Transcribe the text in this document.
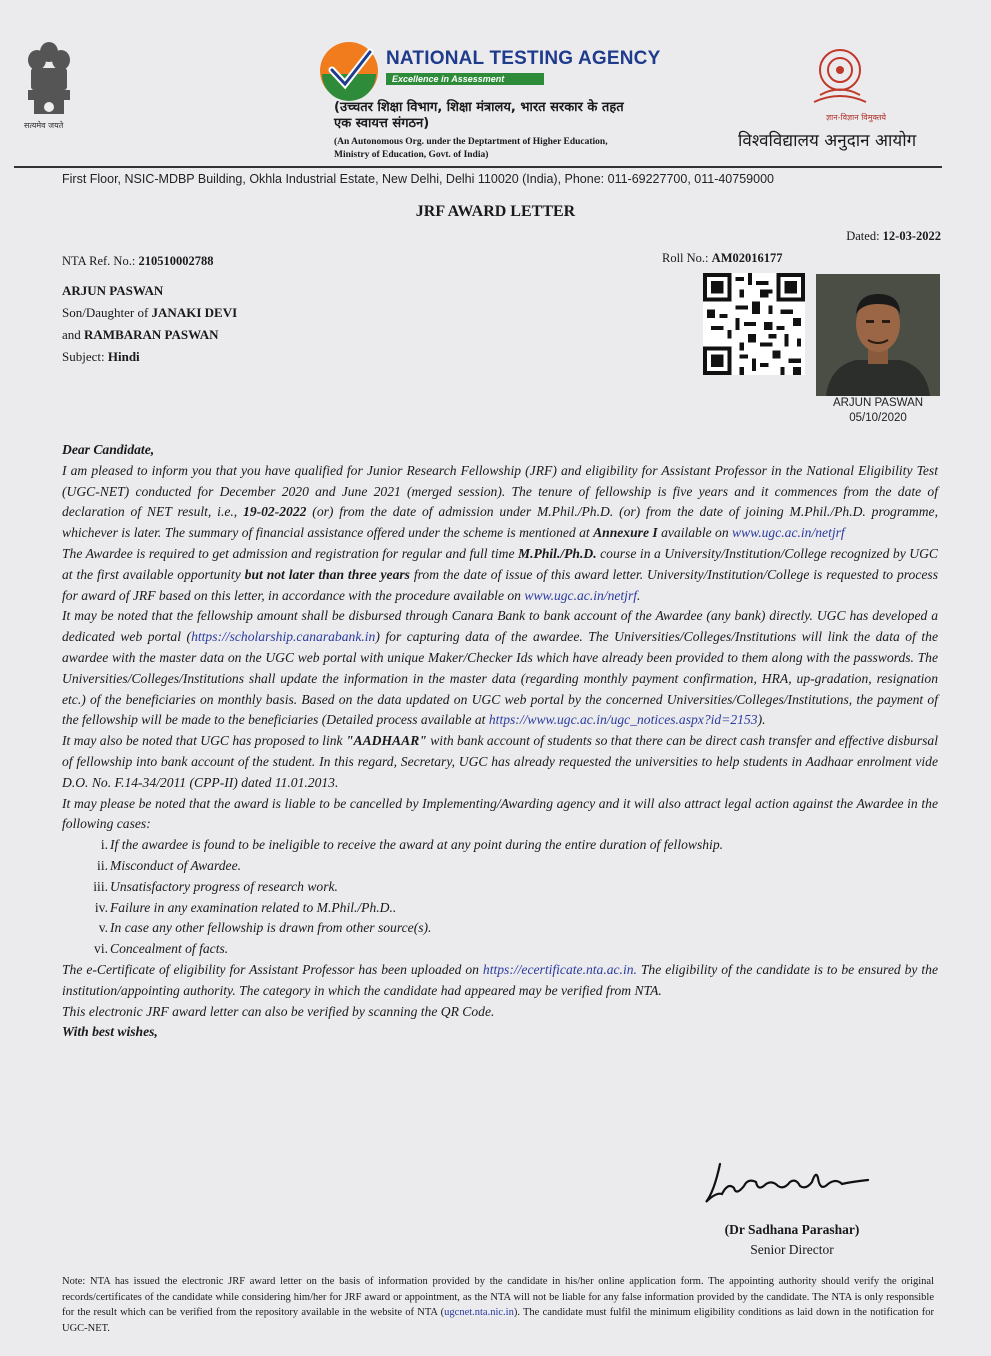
सत्यमेव जयते
NATIONAL TESTING AGENCY
Excellence in Assessment
(उच्चतर शिक्षा विभाग, शिक्षा मंत्रालय, भारत सरकार के तहत एक स्वायत्त संगठन)
(An Autonomous Org. under the Deptartment of Higher Education, Ministry of Education, Govt. of India)
ज्ञान-विज्ञान विमुक्तये
विश्वविद्यालय अनुदान आयोग
First Floor, NSIC-MDBP Building, Okhla Industrial Estate, New Delhi, Delhi 110020 (India), Phone: 011-69227700, 011-40759000
JRF AWARD LETTER
Dated: 12-03-2022
NTA Ref. No.: 210510002788	Roll No.: AM02016177
ARJUN PASWAN
Son/Daughter of JANAKI DEVI
and RAMBARAN PASWAN
Subject: Hindi
ARJUN PASWAN
05/10/2020

Dear Candidate,

I am pleased to inform you that you have qualified for Junior Research Fellowship (JRF) and eligibility for Assistant Professor in the National Eligibility Test (UGC-NET) conducted for December 2020 and June 2021 (merged session). The tenure of fellowship is five years and it commences from the date of declaration of NET result, i.e., 19-02-2022 (or) from the date of admission under M.Phil./Ph.D. (or) from the date of joining M.Phil./Ph.D. programme, whichever is later. The summary of financial assistance offered under the scheme is mentioned at Annexure I available on www.ugc.ac.in/netjrf

The Awardee is required to get admission and registration for regular and full time M.Phil./Ph.D. course in a University/Institution/College recognized by UGC at the first available opportunity but not later than three years from the date of issue of this award letter. University/Institution/College is requested to process for award of JRF based on this letter, in accordance with the procedure available on www.ugc.ac.in/netjrf.

It may be noted that the fellowship amount shall be disbursed through Canara Bank to bank account of the Awardee (any bank) directly. UGC has developed a dedicated web portal (https://scholarship.canarabank.in) for capturing data of the awardee. The Universities/Colleges/Institutions will link the data of the awardee with the master data on the UGC web portal with unique Maker/Checker Ids which have already been provided to them along with the passwords. The Universities/Colleges/Institutions shall update the information in the master data (regarding monthly payment confirmation, HRA, up-gradation, resignation etc.) of the beneficiaries on monthly basis. Based on the data updated on UGC web portal by the concerned Universities/Colleges/Institutions, the payment of the fellowship will be made to the beneficiaries (Detailed process available at https://www.ugc.ac.in/ugc_notices.aspx?id=2153).

It may also be noted that UGC has proposed to link "AADHAAR" with bank account of students so that there can be direct cash transfer and effective disbursal of fellowship into bank account of the student. In this regard, Secretary, UGC has already requested the universities to help students in Aadhaar enrolment vide D.O. No. F.14-34/2011 (CPP-II) dated 11.01.2013.

It may please be noted that the award is liable to be cancelled by Implementing/Awarding agency and it will also attract legal action against the Awardee in the following cases:

i. If the awardee is found to be ineligible to receive the award at any point during the entire duration of fellowship.
ii. Misconduct of Awardee.
iii. Unsatisfactory progress of research work.
iv. Failure in any examination related to M.Phil./Ph.D..
v. In case any other fellowship is drawn from other source(s).
vi. Concealment of facts.

The e-Certificate of eligibility for Assistant Professor has been uploaded on https://ecertificate.nta.ac.in. The eligibility of the candidate is to be ensured by the institution/appointing authority. The category in which the candidate had appeared may be verified from NTA.

This electronic JRF award letter can also be verified by scanning the QR Code.

With best wishes,

(Dr Sadhana Parashar)
Senior Director
Note: NTA has issued the electronic JRF award letter on the basis of information provided by the candidate in his/her online application form. The appointing authority should verify the original records/certificates of the candidate while considering him/her for JRF award or appointment, as the NTA will not be liable for any false information provided by the candidate. The NTA is only responsible for the result which can be verified from the repository available in the website of NTA (ugcnet.nta.nic.in). The candidate must fulfil the minimum eligibility conditions as laid down in the notification for UGC-NET.
